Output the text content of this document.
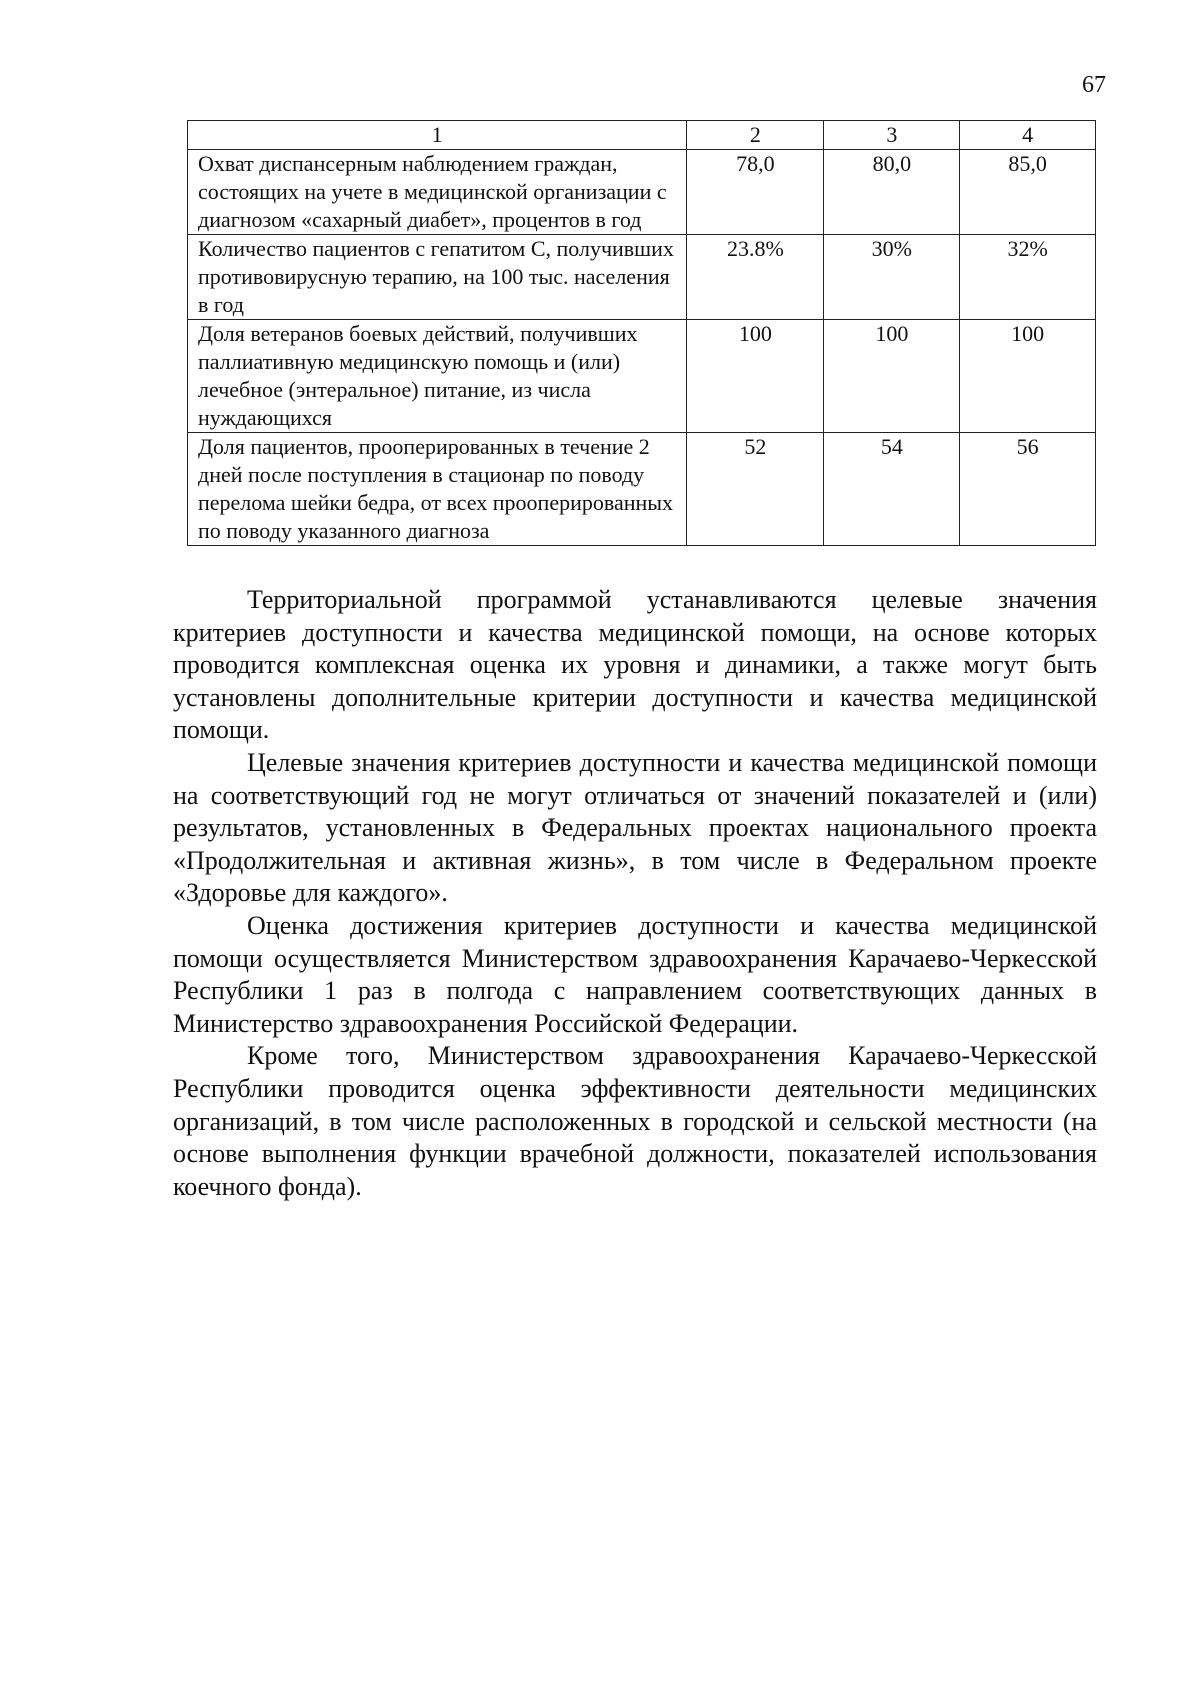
67
1	2	3	4
Охват диспансерным наблюдением граждан, состоящих на учете в медицинской организации с диагнозом «сахарный диабет», процентов в год	78,0	80,0	85,0
Количество пациентов с гепатитом С, получивших противовирусную терапию, на 100 тыс. населения в год	23.8%	30%	32%
Доля ветеранов боевых действий, получивших паллиативную медицинскую помощь и (или) лечебное (энтеральное) питание, из числа нуждающихся	100	100	100
Доля пациентов, прооперированных в течение 2 дней после поступления в стационар по поводу перелома шейки бедра, от всех прооперированных по поводу указанного диагноза	52	54	56

Территориальной программой устанавливаются целевые значения критериев доступности и качества медицинской помощи, на основе которых проводится комплексная оценка их уровня и динамики, а также могут быть установлены дополнительные критерии доступности и качества медицинской помощи.

Целевые значения критериев доступности и качества медицинской помощи на соответствующий год не могут отличаться от значений показателей и (или) результатов, установленных в Федеральных проектах национального проекта «Продолжительная и активная жизнь», в том числе в Федеральном проекте «Здоровье для каждого».

Оценка достижения критериев доступности и качества медицинской помощи осуществляется Министерством здравоохранения Карачаево-Черкесской Республики 1 раз в полгода с направлением соответствующих данных в Министерство здравоохранения Российской Федерации.

Кроме того, Министерством здравоохранения Карачаево-Черкесской Республики проводится оценка эффективности деятельности медицинских организаций, в том числе расположенных в городской и сельской местности (на основе выполнения функции врачебной должности, показателей использования коечного фонда).
